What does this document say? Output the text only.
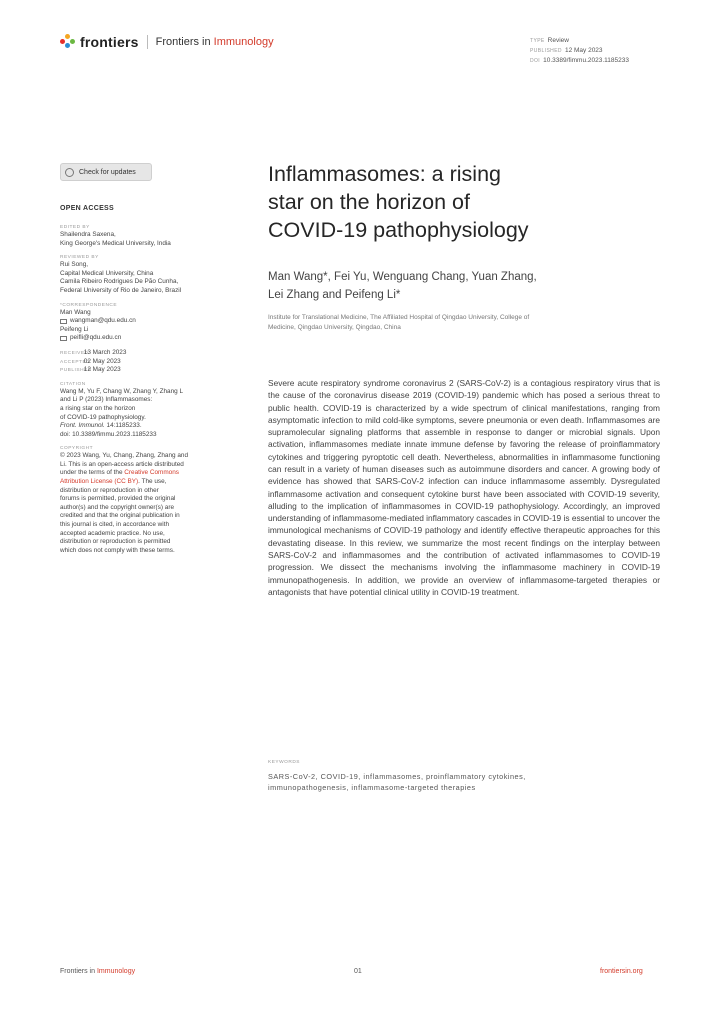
frontiers Frontiers in Immunology	TYPE Review
PUBLISHED 12 May 2023
DOI 10.3389/fimmu.2023.1185233
Check for updates
OPEN ACCESS
EDITED BY
Shailendra Saxena,
King George's Medical University, India
REVIEWED BY
Rui Song,
Capital Medical University, China
Camila Ribeiro Rodrigues De Pão Cunha,
Federal University of Rio de Janeiro, Brazil
*CORRESPONDENCE
Man Wang
wangman@qdu.edu.cn
Peifeng Li
peifli@qdu.edu.cn
RECEIVED 13 March 2023
ACCEPTED 02 May 2023
PUBLISHED 12 May 2023
CITATION
Wang M, Yu F, Chang W, Zhang Y, Zhang L
and Li P (2023) Inflammasomes:
a rising star on the horizon
of COVID-19 pathophysiology.
Front. Immunol. 14:1185233.
doi: 10.3389/fimmu.2023.1185233
COPYRIGHT
© 2023 Wang, Yu, Chang, Zhang, Zhang and
Li. This is an open-access article distributed
under the terms of the Creative Commons
Attribution License (CC BY). The use,
distribution or reproduction in other
forums is permitted, provided the original
author(s) and the copyright owner(s) are
credited and that the original publication in
this journal is cited, in accordance with
accepted academic practice. No use,
distribution or reproduction is permitted
which does not comply with these terms.
Inflammasomes: a rising
star on the horizon of
COVID-19 pathophysiology
Man Wang*, Fei Yu, Wenguang Chang, Yuan Zhang,
Lei Zhang and Peifeng Li*
Institute for Translational Medicine, The Affiliated Hospital of Qingdao University, College of
Medicine, Qingdao University, Qingdao, China
Severe acute respiratory syndrome coronavirus 2 (SARS-CoV-2) is a contagious respiratory virus that is the cause of the coronavirus disease 2019 (COVID-19) pandemic which has posed a serious threat to public health. COVID-19 is characterized by a wide spectrum of clinical manifestations, ranging from asymptomatic infection to mild cold-like symptoms, severe pneumonia or even death. Inflammasomes are supramolecular signaling platforms that assemble in response to danger or microbial signals. Upon activation, inflammasomes mediate innate immune defense by favoring the release of proinflammatory cytokines and triggering pyroptotic cell death. Nevertheless, abnormalities in inflammasome functioning can result in a variety of human diseases such as autoimmune disorders and cancer. A growing body of evidence has showed that SARS-CoV-2 infection can induce inflammasome assembly. Dysregulated inflammasome activation and consequent cytokine burst have been associated with COVID-19 severity, alluding to the implication of inflammasomes in COVID-19 pathophysiology. Accordingly, an improved understanding of inflammasome-mediated inflammatory cascades in COVID-19 is essential to uncover the immunological mechanisms of COVID-19 pathology and identify effective therapeutic approaches for this devastating disease. In this review, we summarize the most recent findings on the interplay between SARS-CoV-2 and inflammasomes and the contribution of activated inflammasomes to COVID-19 progression. We dissect the mechanisms involving the inflammasome machinery in COVID-19 immunopathogenesis. In addition, we provide an overview of inflammasome-targeted therapies or antagonists that have potential clinical utility in COVID-19 treatment.
KEYWORDS
SARS-CoV-2, COVID-19, inflammasomes, proinflammatory cytokines,
immunopathogenesis, inflammasome-targeted therapies
Frontiers in Immunology	01	frontiersin.org
